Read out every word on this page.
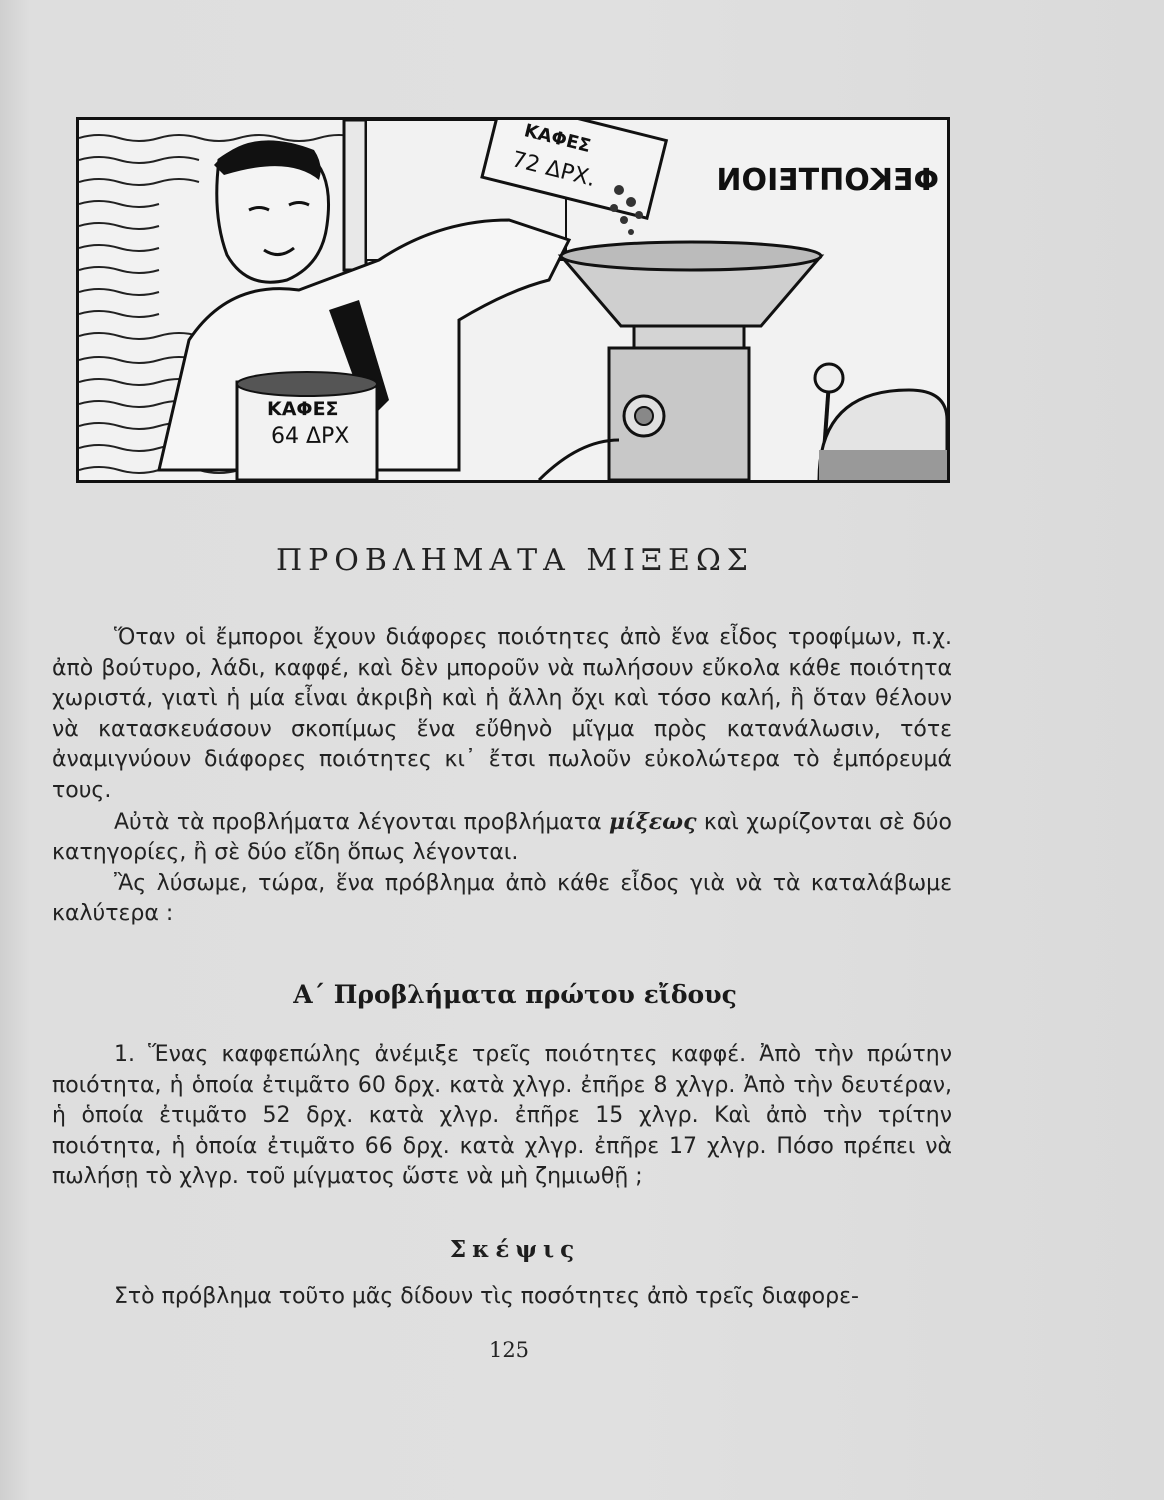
ΚΑΦΕΣ
64 ΔΡΧ
ΚΑΦΕΣ
72 ΔΡΧ.	ΦΕΚΟΠΤΕΙΟΝ
ΠΡΟΒΛΗΜΑΤΑ ΜΙΞΕΩΣ

Ὅταν οἱ ἔμποροι ἔχουν διάφορες ποιότητες ἀπὸ ἕνα εἶδος τροφίμων, π.χ. ἀπὸ βούτυρο, λάδι, καφφέ, καὶ δὲν μποροῦν νὰ πωλήσουν εὔκολα κάθε ποιότητα χωριστά, γιατὶ ἡ μία εἶναι ἀκριβὴ καὶ ἡ ἄλλη ὄχι καὶ τόσο καλή, ἢ ὅταν θέλουν νὰ κατασκευάσουν σκοπίμως ἕνα εὔθηνὸ μῖγμα πρὸς κατανάλωσιν, τότε ἀναμιγνύουν διάφορες ποιότητες κι᾿ ἔτσι πωλοῦν εὐκολώτερα τὸ ἐμπόρευμά τους.

Αὐτὰ τὰ προβλήματα λέγονται προβλήματα μίξεως καὶ χωρίζονται σὲ δύο κατηγορίες, ἢ σὲ δύο εἴδη ὅπως λέγονται.

Ἂς λύσωμε, τώρα, ἕνα πρόβλημα ἀπὸ κάθε εἶδος γιὰ νὰ τὰ καταλάβωμε καλύτερα :

Α΄ Προβλήματα πρώτου εἴδους

1. Ἕνας καφφεπώλης ἀνέμιξε τρεῖς ποιότητες καφφέ. Ἀπὸ τὴν πρώτην ποιότητα, ἡ ὁποία ἐτιμᾶτο 60 δρχ. κατὰ χλγρ. ἐπῆρε 8 χλγρ. Ἀπὸ τὴν δευτέραν, ἡ ὁποία ἐτιμᾶτο 52 δρχ. κατὰ χλγρ. ἐπῆρε 15 χλγρ. Καὶ ἀπὸ τὴν τρίτην ποιότητα, ἡ ὁποία ἐτιμᾶτο 66 δρχ. κατὰ χλγρ. ἐπῆρε 17 χλγρ. Πόσο πρέπει νὰ πωλήσῃ τὸ χλγρ. τοῦ μίγματος ὥστε νὰ μὴ ζημιωθῇ ;

Σκέψις

Στὸ πρόβλημα τοῦτο μᾶς δίδουν τὶς ποσότητες ἀπὸ τρεῖς διαφορε-

125
